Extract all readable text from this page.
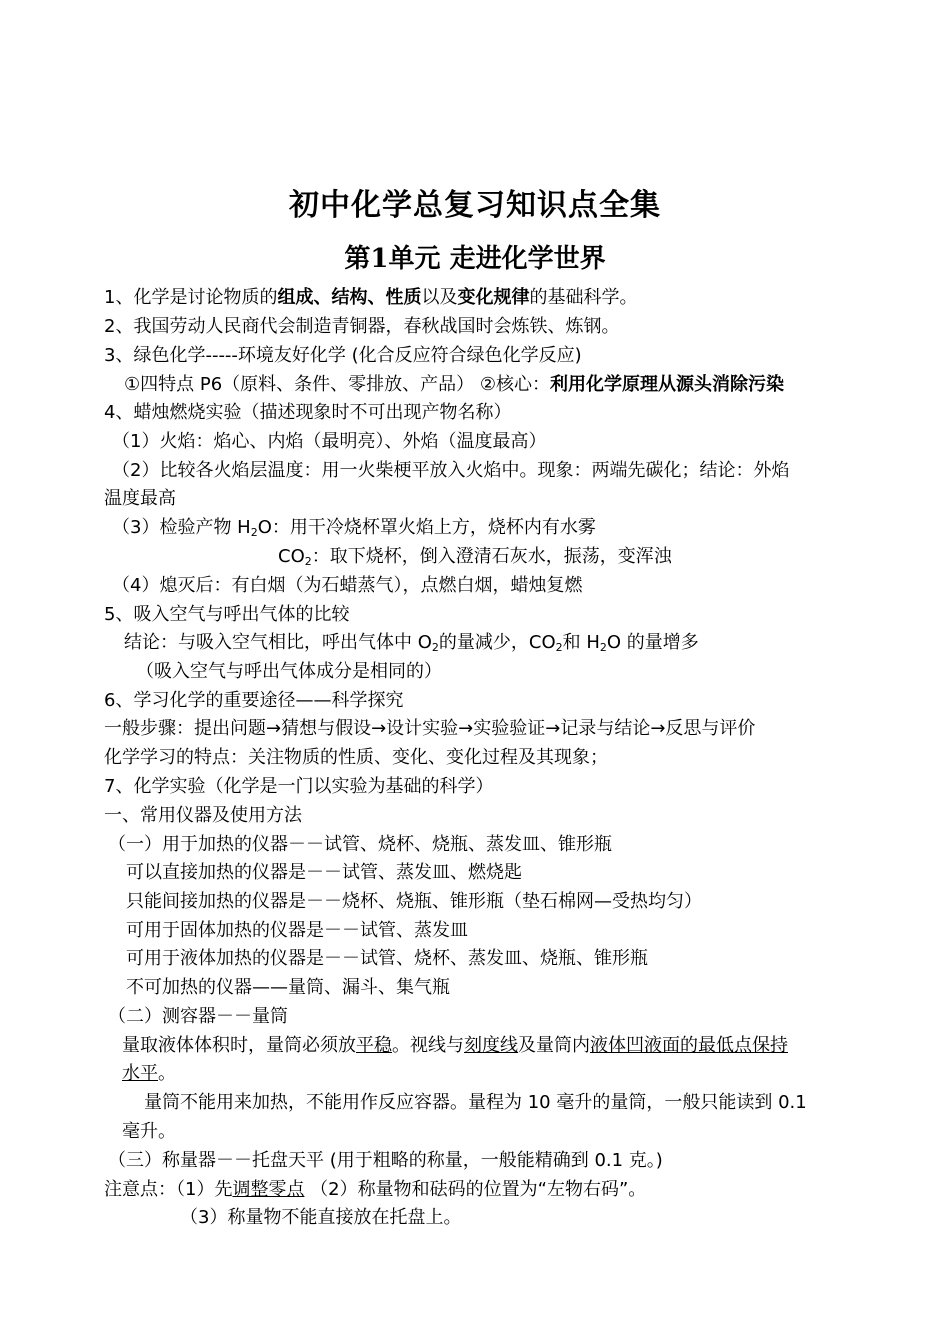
初中化学总复习知识点全集
第1单元 走进化学世界
1、化学是讨论物质的组成、结构、性质以及变化规律的基础科学。
2、我国劳动人民商代会制造青铜器，春秋战国时会炼铁、炼钢。
3、绿色化学-----环境友好化学 (化合反应符合绿色化学反应)
①四特点 P6（原料、条件、零排放、产品） ②核心：利用化学原理从源头消除污染
4、蜡烛燃烧实验（描述现象时不可出现产物名称）
（1）火焰：焰心、内焰（最明亮）、外焰（温度最高）
（2）比较各火焰层温度：用一火柴梗平放入火焰中。现象：两端先碳化；结论：外焰
温度最高
（3）检验产物 $H_2O$：用干冷烧杯罩火焰上方，烧杯内有水雾
$CO_2$：取下烧杯，倒入澄清石灰水，振荡，变浑浊
（4）熄灭后：有白烟（为石蜡蒸气），点燃白烟，蜡烛复燃
5、吸入空气与呼出气体的比较
结论：与吸入空气相比，呼出气体中 $O_2$的量减少，$CO_2$和 $H_2O$ 的量增多
（吸入空气与呼出气体成分是相同的）
6、学习化学的重要途径——科学探究
一般步骤：提出问题→猜想与假设→设计实验→实验验证→记录与结论→反思与评价
化学学习的特点：关注物质的性质、变化、变化过程及其现象；
7、化学实验（化学是一门以实验为基础的科学）
一、常用仪器及使用方法
（一）用于加热的仪器－－试管、烧杯、烧瓶、蒸发皿、锥形瓶
可以直接加热的仪器是－－试管、蒸发皿、燃烧匙
只能间接加热的仪器是－－烧杯、烧瓶、锥形瓶（垫石棉网—受热均匀）
可用于固体加热的仪器是－－试管、蒸发皿
可用于液体加热的仪器是－－试管、烧杯、蒸发皿、烧瓶、锥形瓶
不可加热的仪器——量筒、漏斗、集气瓶
（二）测容器－－量筒
量取液体体积时，量筒必须放平稳。视线与刻度线及量筒内液体凹液面的最低点保持
水平。
量筒不能用来加热，不能用作反应容器。量程为 10 毫升的量筒，一般只能读到 0.1
毫升。
（三）称量器－－托盘天平 (用于粗略的称量，一般能精确到 0.1 克。)
注意点：（1）先调整零点 （2）称量物和砝码的位置为“左物右码”。
（3）称量物不能直接放在托盘上。
